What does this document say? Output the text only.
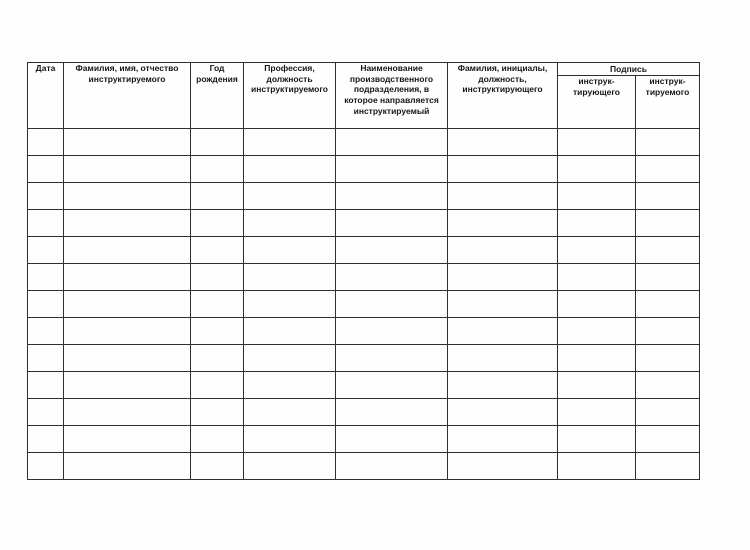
Дата	Фамилия, имя, отчество инструктируемого	Год рождения	Профессия, должность инструктируемого	Наименование производственного подразделения, в которое направляется инструктируемый	Фамилия, инициалы, должность, инструктирующего	Подпись	
						инструк-тирующего	инструк-тируемого
